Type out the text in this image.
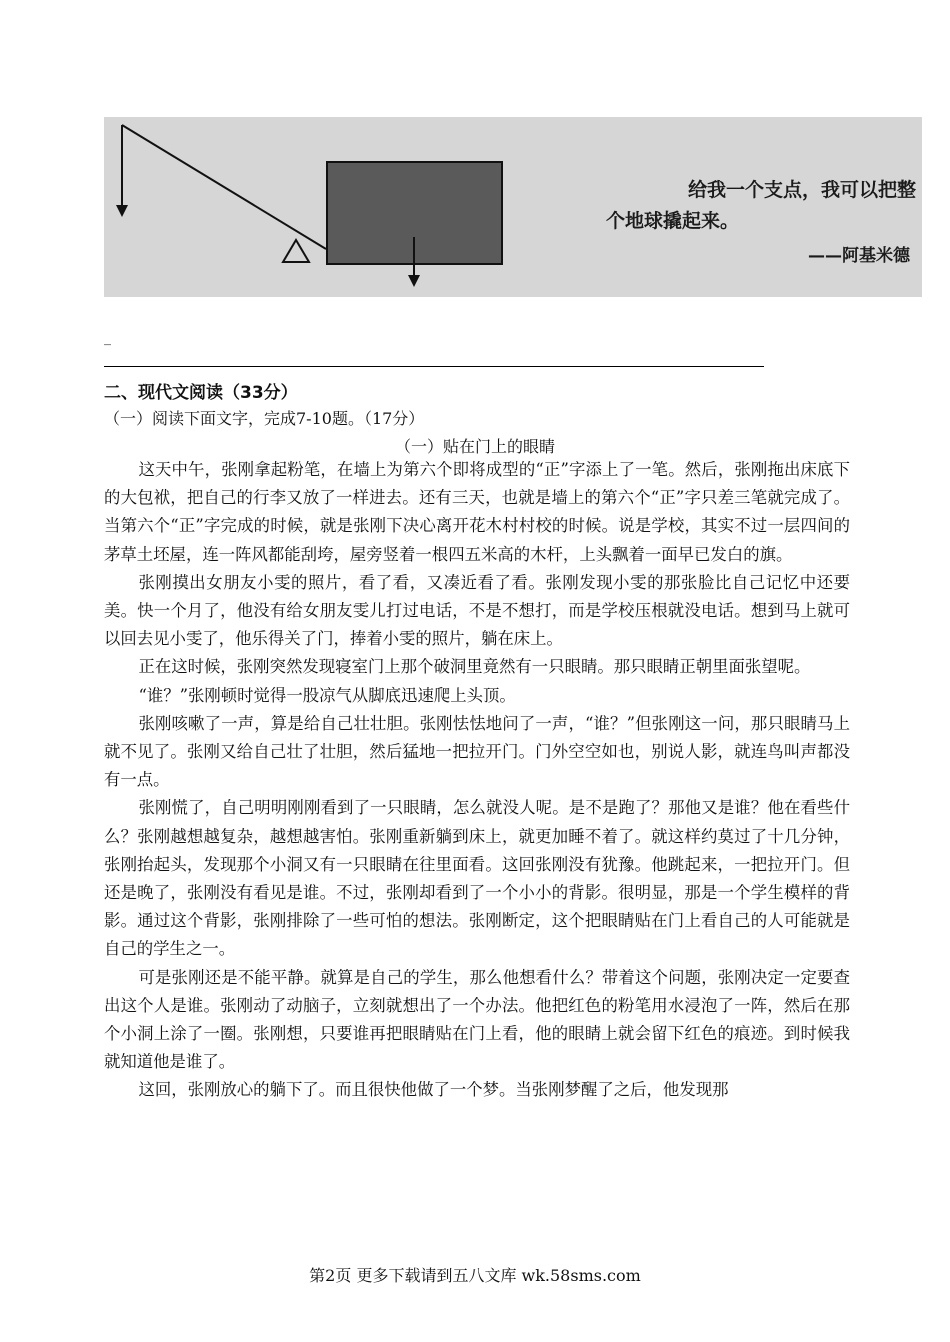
给我一个支点，我可以把整
个地球撬起来。
——阿基米德
_
二、现代文阅读（33分）
（一）阅读下面文字，完成7-10题。（17分）
（一）贴在门上的眼睛

这天中午，张刚拿起粉笔，在墙上为第六个即将成型的“正”字添上了一笔。然后，张刚拖出床底下的大包袱，把自己的行李又放了一样进去。还有三天，也就是墙上的第六个“正”字只差三笔就完成了。当第六个“正”字完成的时候，就是张刚下决心离开花木村村校的时候。说是学校，其实不过一层四间的茅草土坯屋，连一阵风都能刮垮，屋旁竖着一根四五米高的木杆，上头飘着一面早已发白的旗。

张刚摸出女朋友小雯的照片，看了看，又凑近看了看。张刚发现小雯的那张脸比自己记忆中还要美。快一个月了，他没有给女朋友雯儿打过电话，不是不想打，而是学校压根就没电话。想到马上就可以回去见小雯了，他乐得关了门，捧着小雯的照片，躺在床上。

正在这时候，张刚突然发现寝室门上那个破洞里竟然有一只眼睛。那只眼睛正朝里面张望呢。

“谁？”张刚顿时觉得一股凉气从脚底迅速爬上头顶。

张刚咳嗽了一声，算是给自己壮壮胆。张刚怯怯地问了一声，“谁？”但张刚这一问，那只眼睛马上就不见了。张刚又给自己壮了壮胆，然后猛地一把拉开门。门外空空如也，别说人影，就连鸟叫声都没有一点。

张刚慌了，自己明明刚刚看到了一只眼睛，怎么就没人呢。是不是跑了？那他又是谁？他在看些什么？张刚越想越复杂，越想越害怕。张刚重新躺到床上，就更加睡不着了。就这样约莫过了十几分钟，张刚抬起头，发现那个小洞又有一只眼睛在往里面看。这回张刚没有犹豫。他跳起来，一把拉开门。但还是晚了，张刚没有看见是谁。不过，张刚却看到了一个小小的背影。很明显，那是一个学生模样的背影。通过这个背影，张刚排除了一些可怕的想法。张刚断定，这个把眼睛贴在门上看自己的人可能就是自己的学生之一。

可是张刚还是不能平静。就算是自己的学生，那么他想看什么？带着这个问题，张刚决定一定要查出这个人是谁。张刚动了动脑子，立刻就想出了一个办法。他把红色的粉笔用水浸泡了一阵，然后在那个小洞上涂了一圈。张刚想，只要谁再把眼睛贴在门上看，他的眼睛上就会留下红色的痕迹。到时候我就知道他是谁了。

这回，张刚放心的躺下了。而且很快他做了一个梦。当张刚梦醒了之后，他发现那

第2页 更多下载请到五八文库 wk.58sms.com
